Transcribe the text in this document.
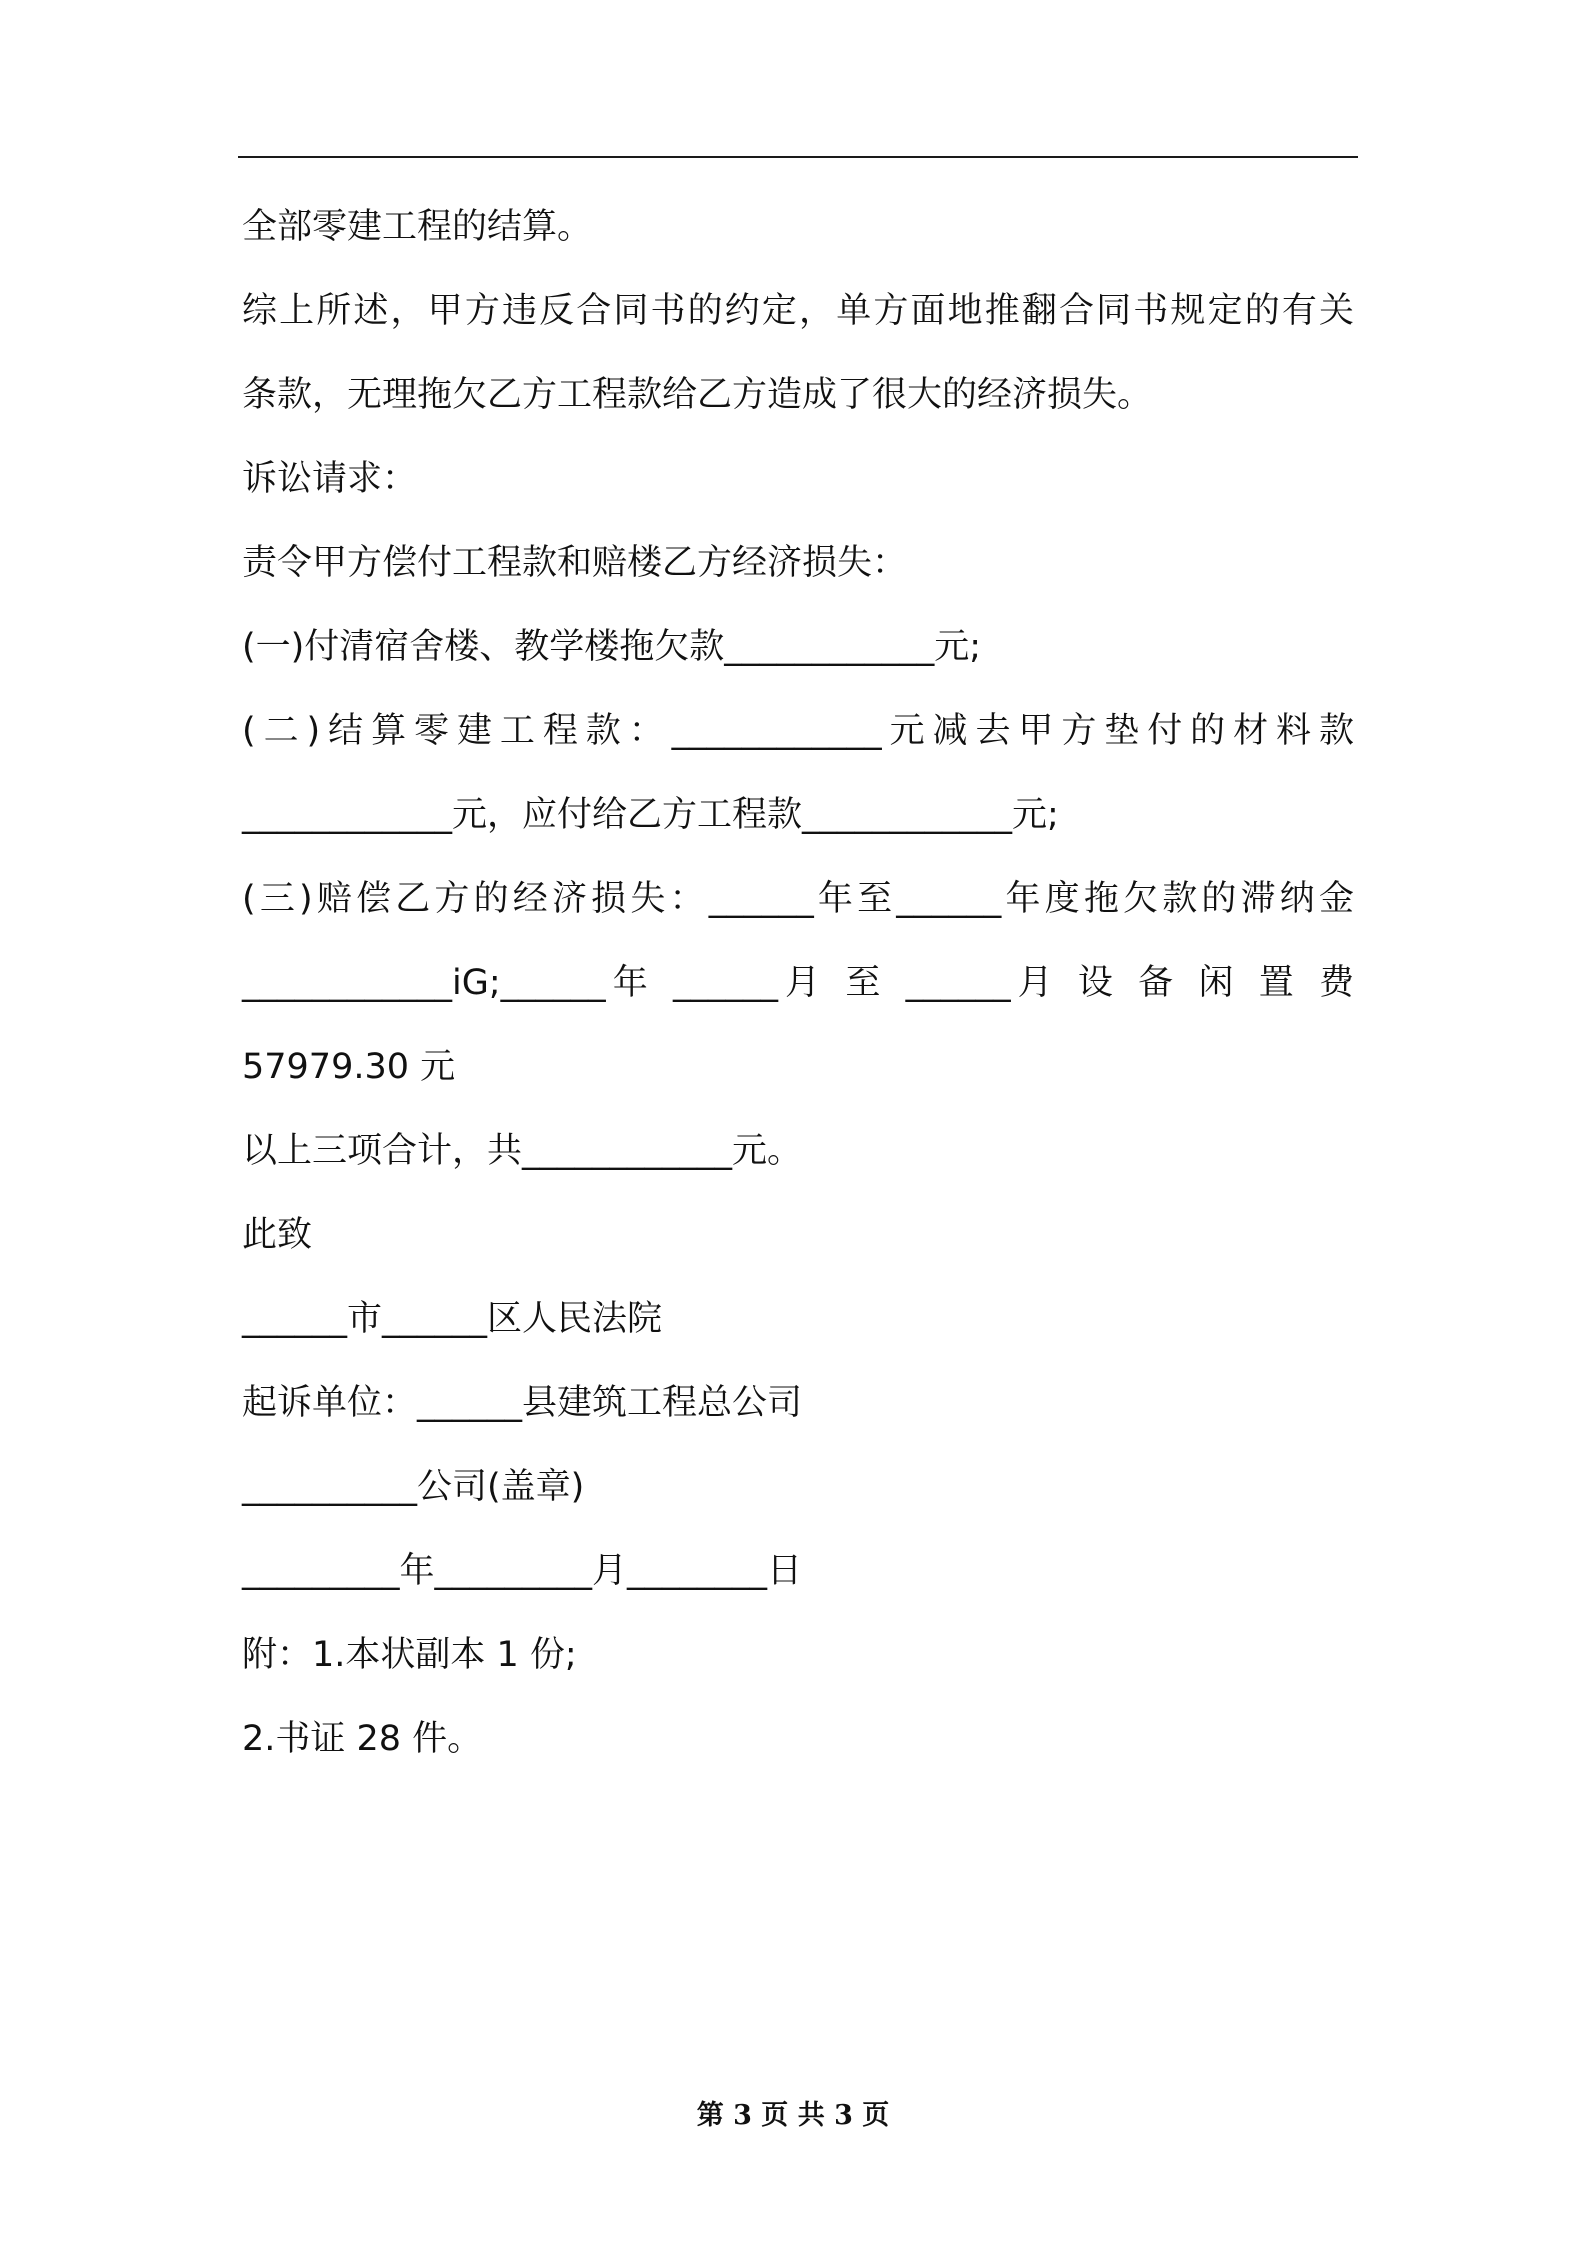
全部零建工程的结算。
综上所述，甲方违反合同书的约定，单方面地推翻合同书规定的有关
条款，无理拖欠乙方工程款给乙方造成了很大的经济损失。
诉讼请求：
责令甲方偿付工程款和赔楼乙方经济损失：
(一)付清宿舍楼、教学楼拖欠款____________元;
(二)结算零建工程款：____________元减去甲方垫付的材料款
____________元，应付给乙方工程款____________元;
(三)赔偿乙方的经济损失：______年至______年度拖欠款的滞纳金
____________iG;______年 ______月 至 ______月 设 备 闲 置 费
57979.30 元
以上三项合计，共____________元。
此致
______市______区人民法院
起诉单位：______县建筑工程总公司
__________公司(盖章)
_________年_________月________日
附：1.本状副本 1 份;
2.书证 28 件。
第 3 页 共 3 页
